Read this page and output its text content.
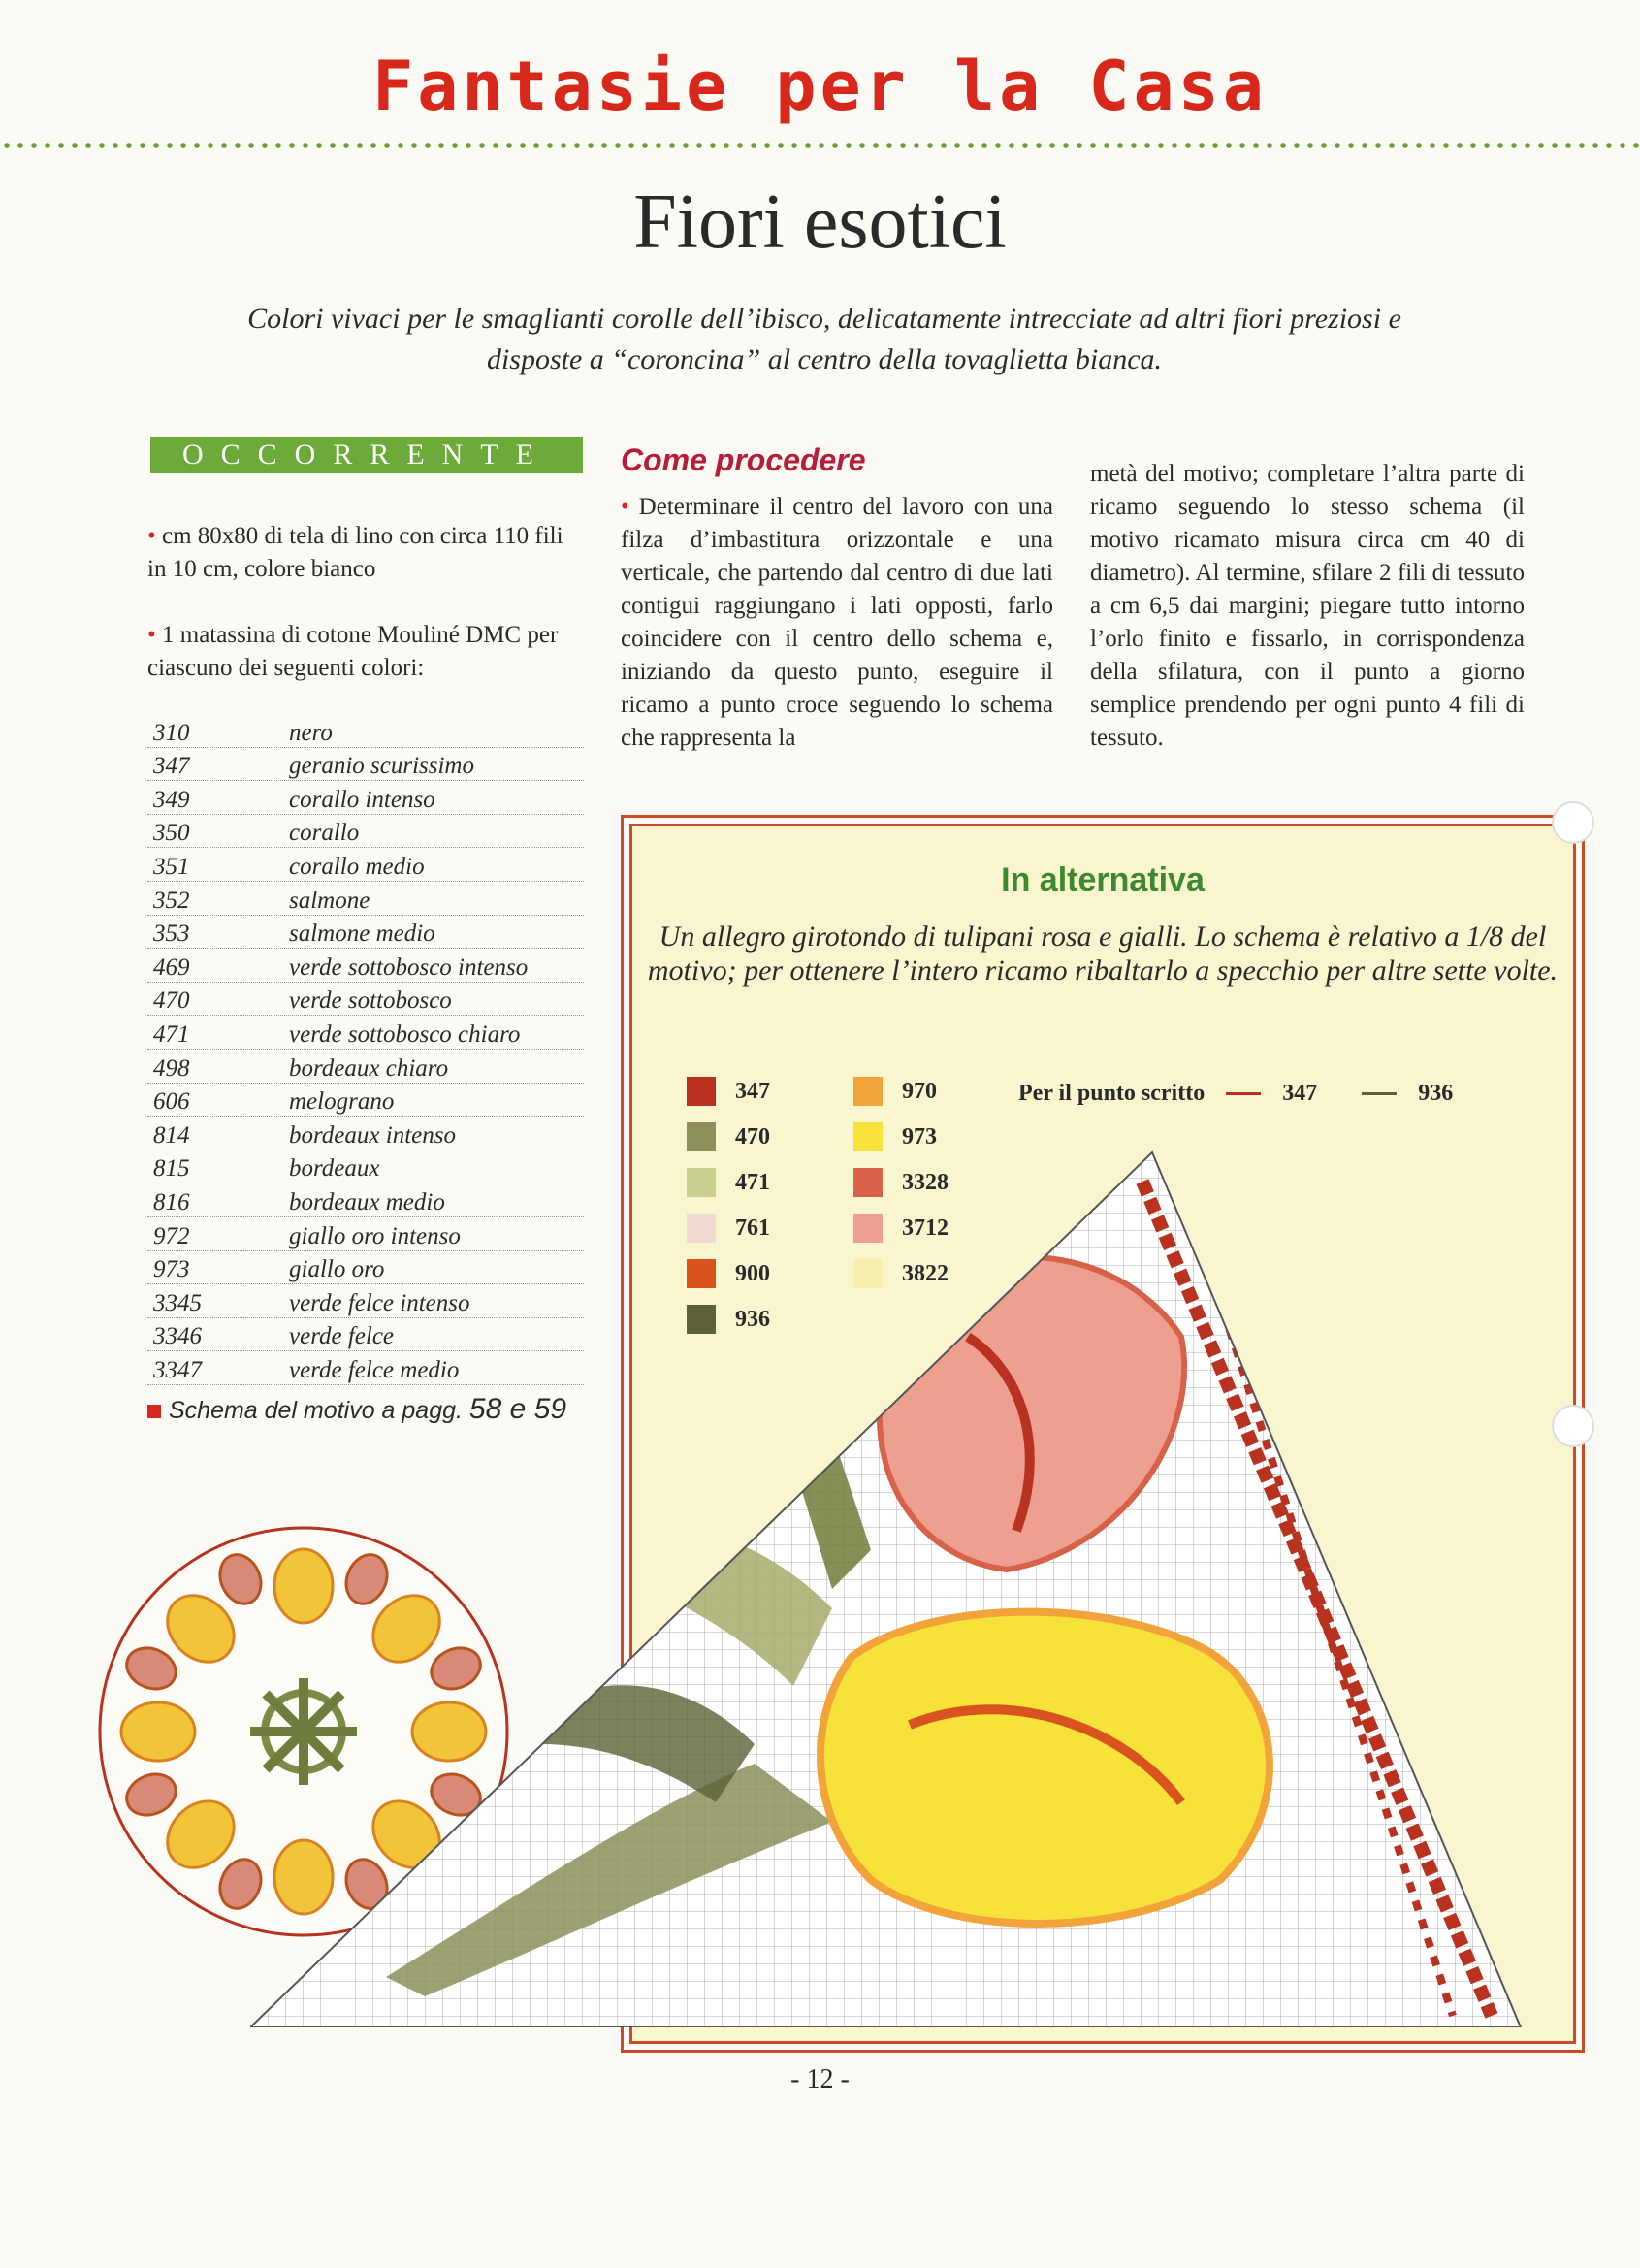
Fantasie per la Casa
Fiori esotici
Colori vivaci per le smaglianti corolle dell’ibisco, delicatamente intrecciate ad altri fiori preziosi e disposte a “coroncina” al centro della tovaglietta bianca.
OCCORRENTE
• cm 80x80 di tela di lino con circa 110 fili in 10 cm, colore bianco
• 1 matassina di cotone Mouliné DMC per ciascuno dei seguenti colori:
310	nero
347	geranio scurissimo
349	corallo intenso
350	corallo
351	corallo medio
352	salmone
353	salmone medio
469	verde sottobosco intenso
470	verde sottobosco
471	verde sottobosco chiaro
498	bordeaux chiaro
606	melograno
814	bordeaux intenso
815	bordeaux
816	bordeaux medio
972	giallo oro intenso
973	giallo oro
3345	verde felce intenso
3346	verde felce
3347	verde felce medio
Schema del motivo a pagg. 58 e 59
Come procedere
• Determinare il centro del lavoro con una filza d’imbastitura orizzontale e una verticale, che partendo dal centro di due lati contigui raggiungano i lati opposti, farlo coincidere con il centro dello schema e, iniziando da questo punto, eseguire il ricamo a punto croce seguendo lo schema che rappresenta la
metà del motivo; completare l’altra parte di ricamo seguendo lo stesso schema (il motivo ricamato misura circa cm 40 di diametro). Al termine, sfilare 2 fili di tessuto a cm 6,5 dai margini; piegare tutto intorno l’orlo finito e fissarlo, in corrispondenza della sfilatura, con il punto a giorno semplice prendendo per ogni punto 4 fili di tessuto.
In alternativa
Un allegro girotondo di tulipani rosa e gialli. Lo schema è relativo a 1/8 del motivo; per ottenere l’intero ricamo ribaltarlo a specchio per altre sette volte.
347
470
471
761
900
936
970
973
3328
3712
3822
Per il punto scritto	347	936
- 12 -
